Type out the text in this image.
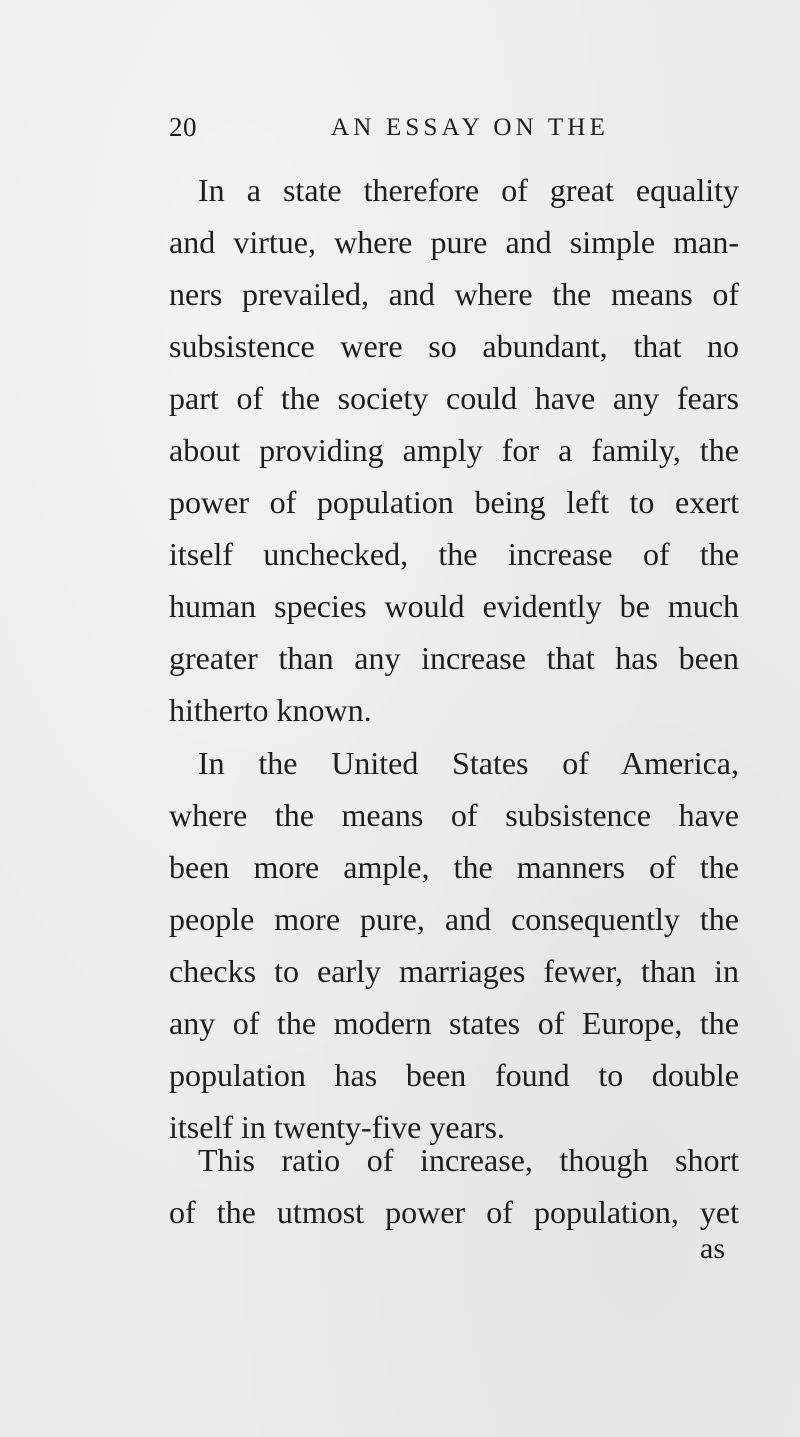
20	AN ESSAY ON THE
In a state therefore of great equality
and virtue, where pure and simple man-
ners prevailed, and where the means of
subsistence were so abundant, that no
part of the society could have any fears
about providing amply for a family, the
power of population being left to exert
itself unchecked, the increase of the
human species would evidently be much
greater than any increase that has been
hitherto known.
In the United States of America,
where the means of subsistence have
been more ample, the manners of the
people more pure, and consequently the
checks to early marriages fewer, than in
any of the modern states of Europe, the
population has been found to double
itself in twenty-five years.
This ratio of increase, though short
of the utmost power of population, yet
as
